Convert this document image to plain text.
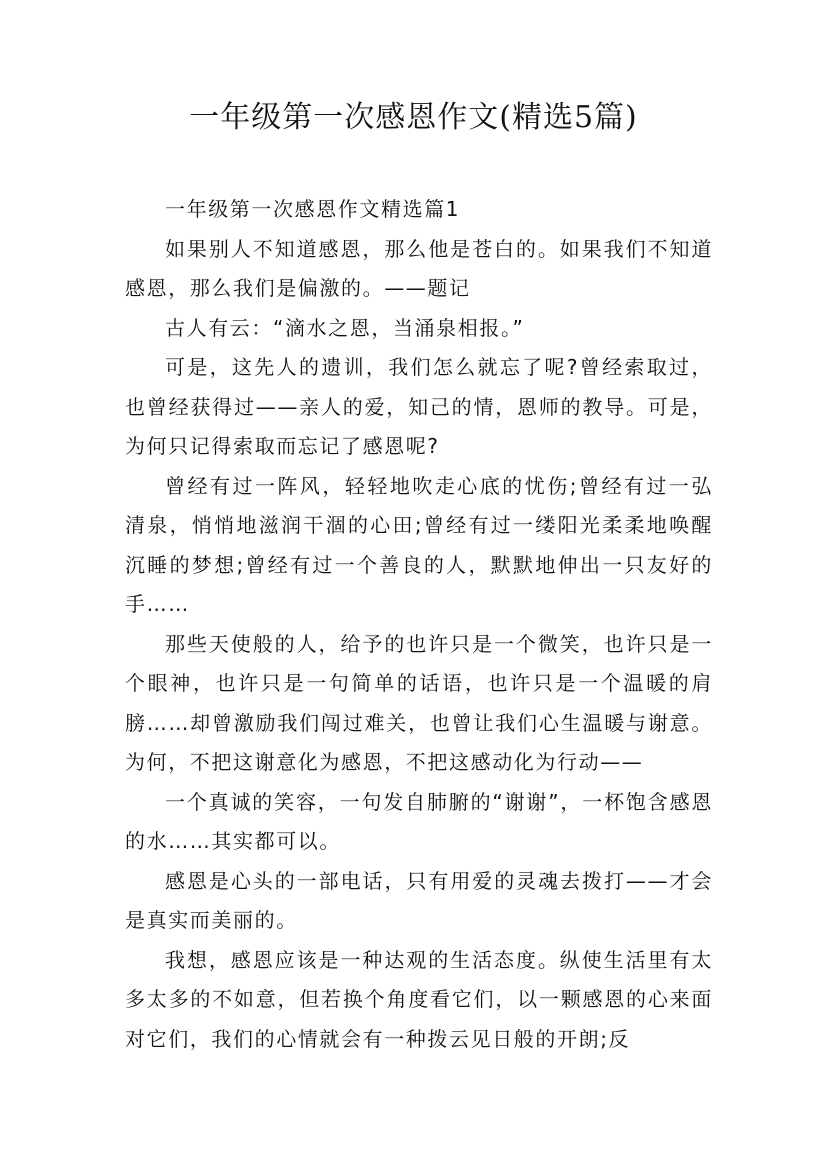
一年级第一次感恩作文(精选5篇)

一年级第一次感恩作文精选篇1

如果别人不知道感恩，那么他是苍白的。如果我们不知道感恩，那么我们是偏激的。——题记

古人有云：“滴水之恩，当涌泉相报。”

可是，这先人的遗训，我们怎么就忘了呢?曾经索取过，也曾经获得过——亲人的爱，知己的情，恩师的教导。可是，为何只记得索取而忘记了感恩呢?

曾经有过一阵风，轻轻地吹走心底的忧伤;曾经有过一弘清泉，悄悄地滋润干涸的心田;曾经有过一缕阳光柔柔地唤醒沉睡的梦想;曾经有过一个善良的人，默默地伸出一只友好的手……

那些天使般的人，给予的也许只是一个微笑，也许只是一个眼神，也许只是一句简单的话语，也许只是一个温暖的肩膀……却曾激励我们闯过难关，也曾让我们心生温暖与谢意。为何，不把这谢意化为感恩，不把这感动化为行动——

一个真诚的笑容，一句发自肺腑的“谢谢”，一杯饱含感恩的水……其实都可以。

感恩是心头的一部电话，只有用爱的灵魂去拨打——才会是真实而美丽的。

我想，感恩应该是一种达观的生活态度。纵使生活里有太多太多的不如意，但若换个角度看它们，以一颗感恩的心来面对它们，我们的心情就会有一种拨云见日般的开朗;反
